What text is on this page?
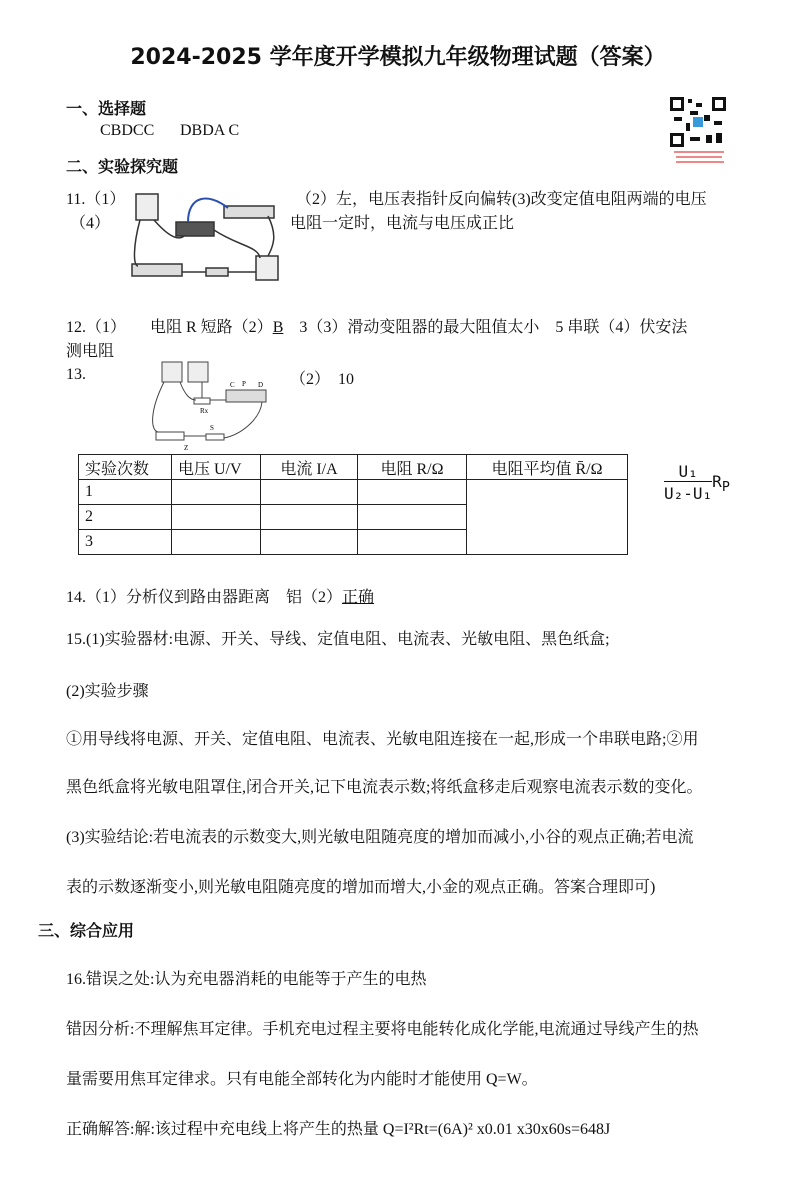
2024-2025 学年度开学模拟九年级物理试题（答案）
一、选择题
CBDCC DBDA C
二、实验探究题
11.（1）
（4）
（2）左，电压表指针反向偏转(3)改变定值电阻两端的电压
电阻一定时，电流与电压成正比
12.（1）　　电阻 R 短路（2）B　3（3）滑动变阻器的最大阻值太小　5 串联（4）伏安法
测电阻
13.
C P D
Rx
S
Z
（2）　10
实验次数	电压 U/V	电流 I/A	电阻 R/Ω	电阻平均值 R̄/Ω
1				
2				
3				
$\frac{\text{U₁}}{\text{U₂-U₁}} R_P$
14.（1）分析仪到路由器距离　铝（2）正确
15.(1)实验器材:电源、开关、导线、定值电阻、电流表、光敏电阻、黑色纸盒;
(2)实验步骤
①用导线将电源、开关、定值电阻、电流表、光敏电阻连接在一起,形成一个串联电路;②用
黑色纸盒将光敏电阻罩住,闭合开关,记下电流表示数;将纸盒移走后观察电流表示数的变化。
(3)实验结论:若电流表的示数变大,则光敏电阻随亮度的增加而减小,小谷的观点正确;若电流
表的示数逐渐变小,则光敏电阻随亮度的增加而增大,小金的观点正确。答案合理即可)
三、综合应用
16.错误之处:认为充电器消耗的电能等于产生的电热
错因分析:不理解焦耳定律。手机充电过程主要将电能转化成化学能,电流通过导线产生的热
量需要用焦耳定律求。只有电能全部转化为内能时才能使用 Q=W。
正确解答:解:该过程中充电线上将产生的热量 Q=I²Rt=(6A)² x0.01 x30x60s=648J
